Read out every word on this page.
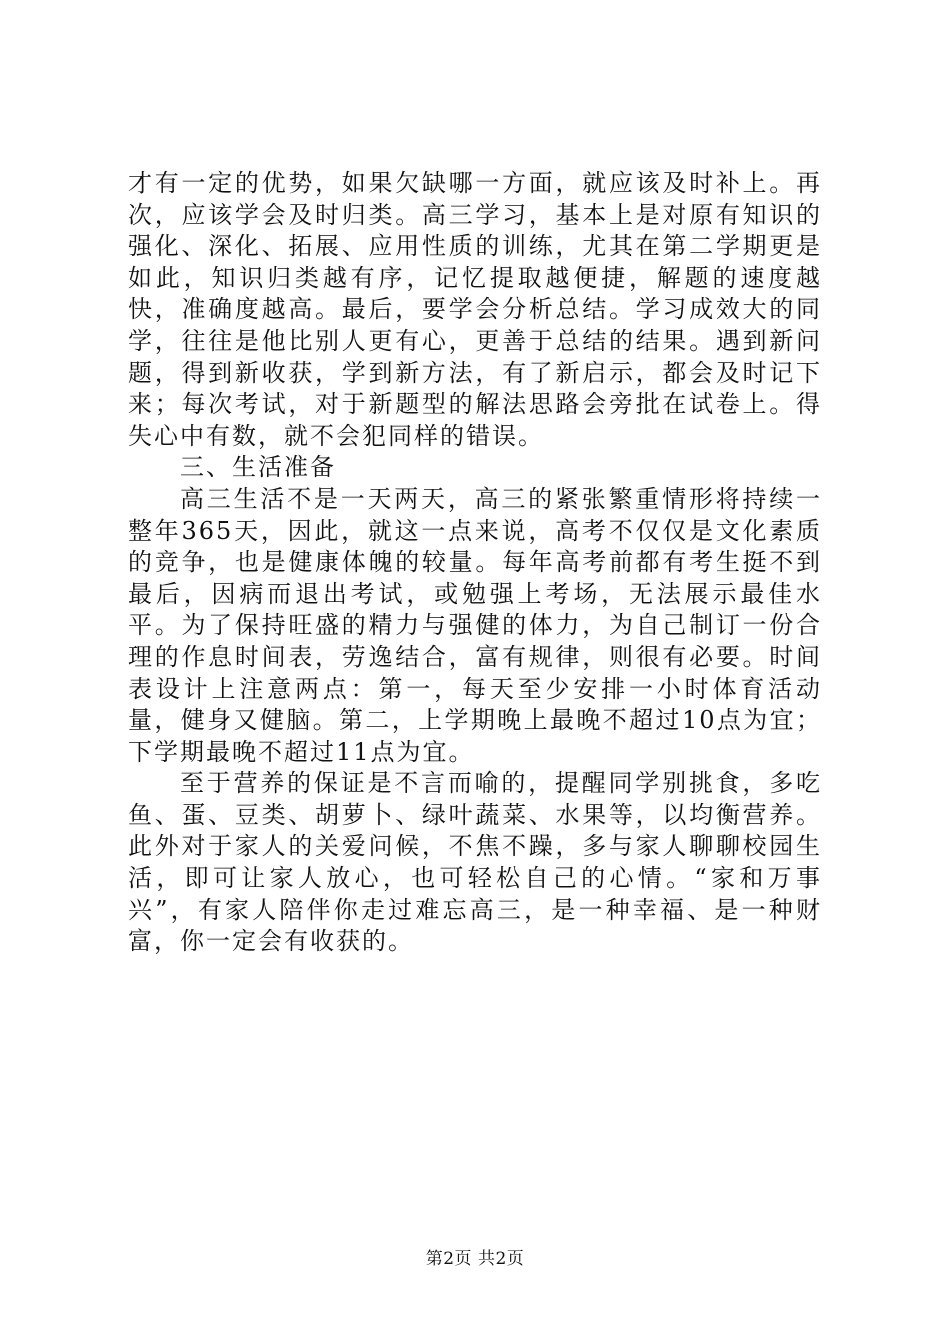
才有一定的优势，如果欠缺哪一方面，就应该及时补上。再次，应该学会及时归类。高三学习，基本上是对原有知识的强化、深化、拓展、应用性质的训练，尤其在第二学期更是如此，知识归类越有序，记忆提取越便捷，解题的速度越快，准确度越高。最后，要学会分析总结。学习成效大的同学，往往是他比别人更有心，更善于总结的结果。遇到新问题，得到新收获，学到新方法，有了新启示，都会及时记下来；每次考试，对于新题型的解法思路会旁批在试卷上。得失心中有数，就不会犯同样的错误。

三、生活准备

高三生活不是一天两天，高三的紧张繁重情形将持续一整年365天，因此，就这一点来说，高考不仅仅是文化素质的竞争，也是健康体魄的较量。每年高考前都有考生挺不到最后，因病而退出考试，或勉强上考场，无法展示最佳水平。为了保持旺盛的精力与强健的体力，为自己制订一份合理的作息时间表，劳逸结合，富有规律，则很有必要。时间表设计上注意两点：第一，每天至少安排一小时体育活动量，健身又健脑。第二，上学期晚上最晚不超过10点为宜；下学期最晚不超过11点为宜。

至于营养的保证是不言而喻的，提醒同学别挑食，多吃鱼、蛋、豆类、胡萝卜、绿叶蔬菜、水果等，以均衡营养。此外对于家人的关爱问候，不焦不躁，多与家人聊聊校园生活，即可让家人放心，也可轻松自己的心情。“家和万事兴”，有家人陪伴你走过难忘高三，是一种幸福、是一种财富，你一定会有收获的。

第2页 共2页
